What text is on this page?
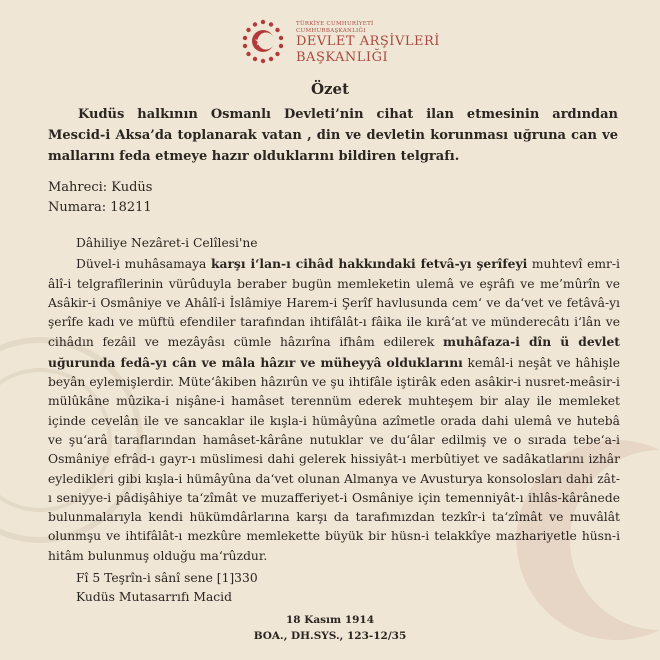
TÜRKİYE CUMHURİYETİ
CUMHURBAŞKANLIĞI
DEVLET ARŞİVLERİ
BAŞKANLIĞI
Özet

Kudüs halkının Osmanlı Devleti’nin cihat ilan etmesinin ardından Mescid-i Aksa’da toplanarak vatan , din ve devletin korunması uğruna can ve mallarını feda etmeye hazır olduklarını bildiren telgrafı.

Mahreci: Kudüs
Numara: 18211

Dâhiliye Nezâret-i Celîlesi'ne

Düvel-i muhâsamaya karşı i‘lan-ı cihâd hakkındaki fetvâ-yı şerîfeyi muhtevî emr-i âlî-i telgrafîlerinin vürûduyla beraber bugün memleketin ulemâ ve eşrâfı ve me’mûrîn ve Asâkir-i Osmâniye ve Ahâlî-i İslâmiye Harem-i Şerîf havlusunda cem‘ ve da‘vet ve fetâvâ-yı şerîfe kadı ve müftü efendiler tarafından ihtifâlât-ı fâika ile kırâ‘at ve münderecâtı i‘lân ve cihâdın fezâil ve mezâyâsı cümle hâzırîna ifhâm edilerek muhâfaza-i dîn ü devlet uğurunda fedâ-yı cân ve mâla hâzır ve müheyyâ olduklarını kemâl-i neşât ve hâhişle beyân eylemişlerdir. Müte‘âkiben hâzırûn ve şu ihtifâle iştirâk eden asâkir-i nusret-meâsir-i mülûkâne mûzika-i nişâne-i hamâset terennüm ederek muhteşem bir alay ile memleket içinde cevelân ile ve sancaklar ile kışla-i hümâyûna azîmetle orada dahi ulemâ ve hutebâ ve şu‘arâ taraflarından hamâset-kârâne nutuklar ve du‘âlar edilmiş ve o sırada tebe‘a-i Osmâniye efrâd-ı gayr-ı müslimesi dahi gelerek hissiyât-ı merbûtiyet ve sadâkatlarını izhâr eyledikleri gibi kışla-i hümâyûna da‘vet olunan Almanya ve Avusturya konsolosları dahi zât-ı seniyye-i pâdişâhiye ta‘zîmât ve muzafferiyet-i Osmâniye için temenniyât-ı ihlâs-kârânede bulunmalarıyla kendi hükümdârlarına karşı da tarafımızdan tezkîr-i ta‘zîmât ve muvâlât olunmşu ve ihtifâlât-ı mezkûre memlekette büyük bir hüsn-i telakkîye mazhariyetle hüsn-i hitâm bulunmuş olduğu ma‘rûzdur.

Fî 5 Teşrîn-i sânî sene [1]330
Kudüs Mutasarrıfı Macid
18 Kasım 1914
BOA., DH.SYS., 123-12/35
